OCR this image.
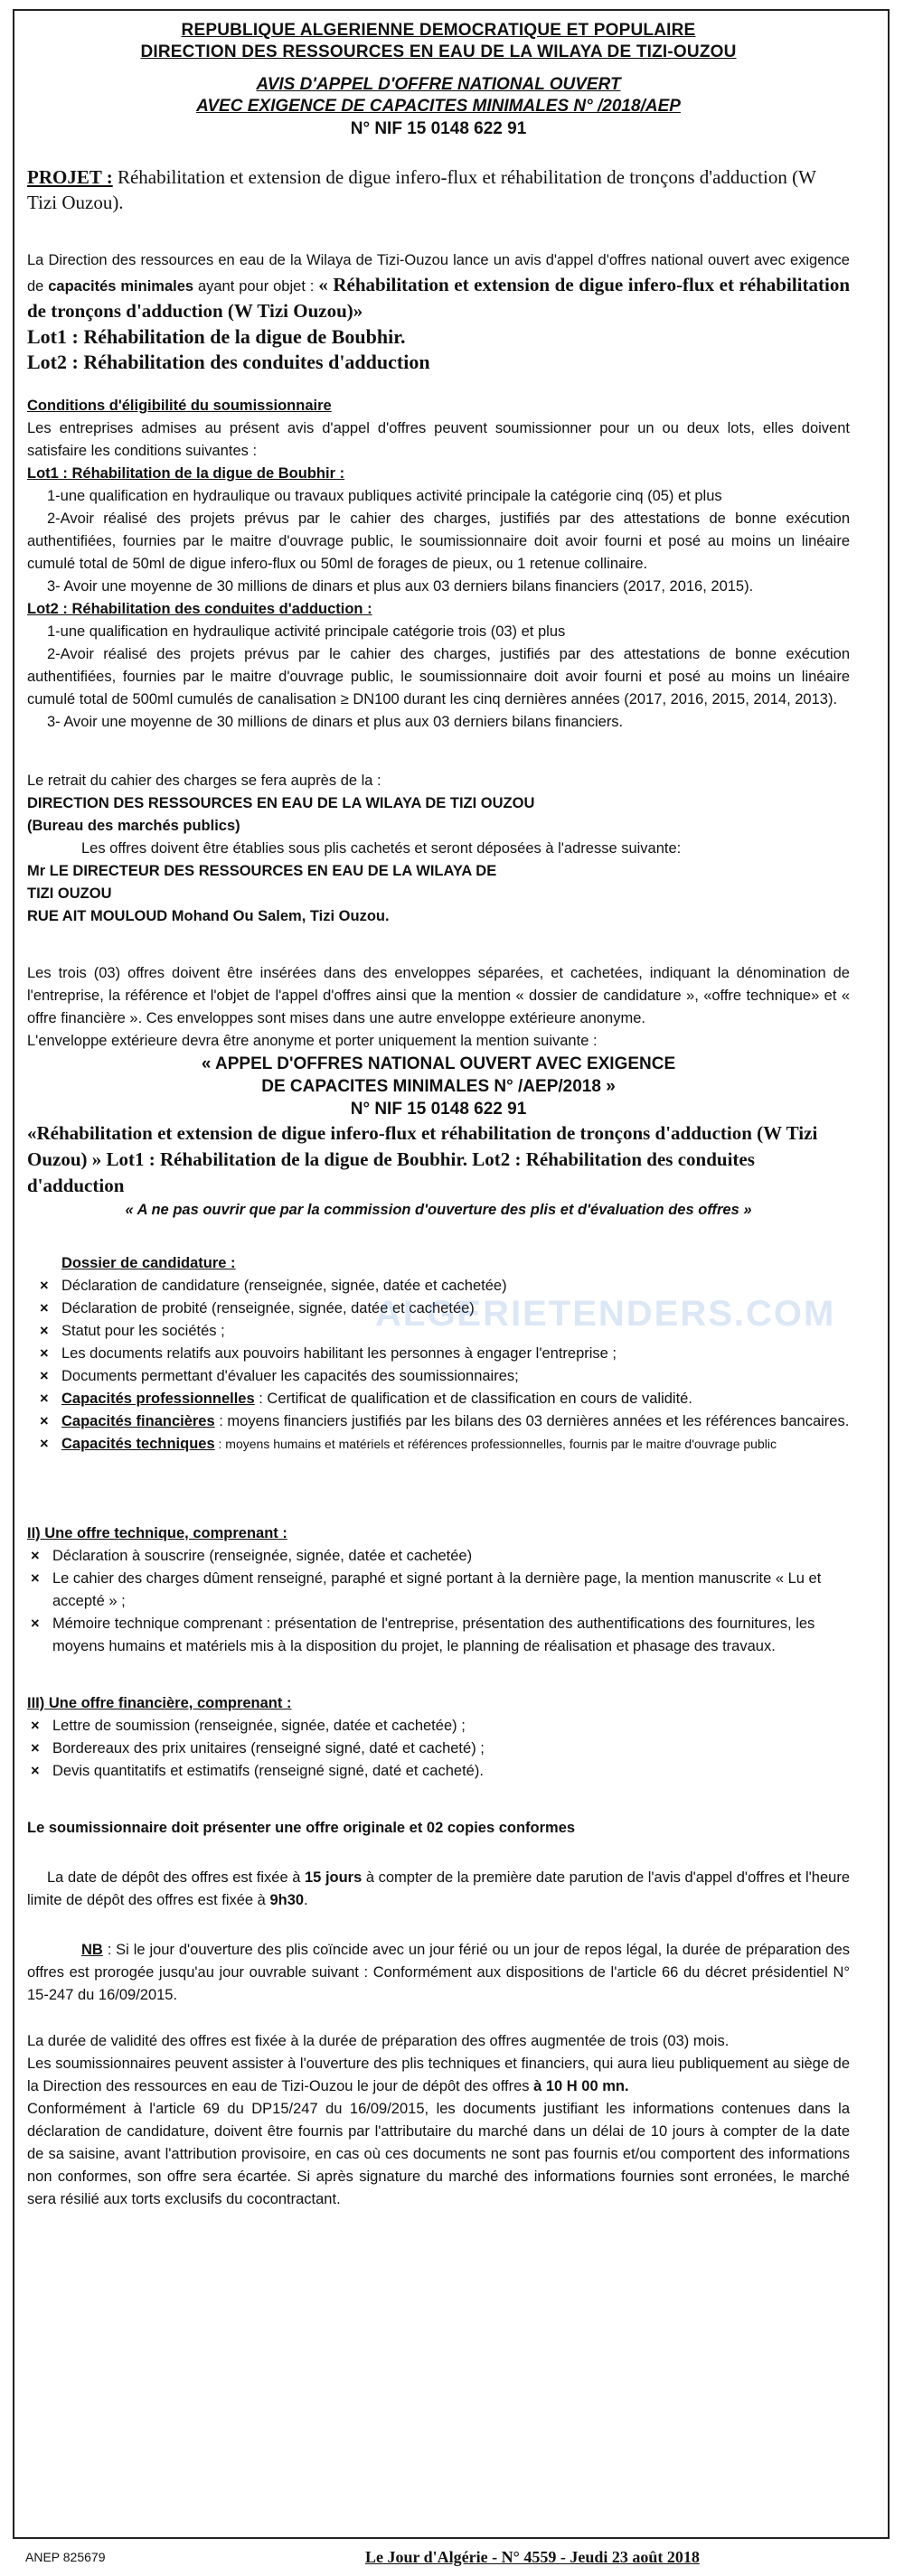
REPUBLIQUE ALGERIENNE DEMOCRATIQUE ET POPULAIRE
DIRECTION DES RESSOURCES EN EAU DE LA WILAYA DE TIZI-OUZOU
AVIS D'APPEL D'OFFRE NATIONAL OUVERT
AVEC EXIGENCE DE CAPACITES MINIMALES N° /2018/AEP
N° NIF 15 0148 622 91

PROJET : Réhabilitation et extension de digue infero-flux et réhabilitation de tronçons d'adduction (W Tizi Ouzou).

La Direction des ressources en eau de la Wilaya de Tizi-Ouzou lance un avis d'appel d'offres national ouvert avec exigence de capacités minimales ayant pour objet : « Réhabilitation et extension de digue infero-flux et réhabilitation de tronçons d'adduction (W Tizi Ouzou)»

Lot1 : Réhabilitation de la digue de Boubhir.

Lot2 : Réhabilitation des conduites d'adduction

Conditions d'éligibilité du soumissionnaire

Les entreprises admises au présent avis d'appel d'offres peuvent soumissionner pour un ou deux lots, elles doivent satisfaire les conditions suivantes :

Lot1 : Réhabilitation de la digue de Boubhir :

1-une qualification en hydraulique ou travaux publiques activité principale la catégorie cinq (05) et plus

2-Avoir réalisé des projets prévus par le cahier des charges, justifiés par des attestations de bonne exécution authentifiées, fournies par le maitre d'ouvrage public, le soumissionnaire doit avoir fourni et posé au moins un linéaire cumulé total de 50ml de digue infero-flux ou 50ml de forages de pieux, ou 1 retenue collinaire.

3- Avoir une moyenne de 30 millions de dinars et plus aux 03 derniers bilans financiers (2017, 2016, 2015).

Lot2 : Réhabilitation des conduites d'adduction :

1-une qualification en hydraulique activité principale catégorie trois (03) et plus

2-Avoir réalisé des projets prévus par le cahier des charges, justifiés par des attestations de bonne exécution authentifiées, fournies par le maitre d'ouvrage public, le soumissionnaire doit avoir fourni et posé au moins un linéaire cumulé total de 500ml cumulés de canalisation ≥ DN100 durant les cinq dernières années (2017, 2016, 2015, 2014, 2013).

3- Avoir une moyenne de 30 millions de dinars et plus aux 03 derniers bilans financiers.

Le retrait du cahier des charges se fera auprès de la :

DIRECTION DES RESSOURCES EN EAU DE LA WILAYA DE TIZI OUZOU

(Bureau des marchés publics)

Les offres doivent être établies sous plis cachetés et seront déposées à l'adresse suivante:

Mr LE DIRECTEUR DES RESSOURCES EN EAU DE LA WILAYA DE

TIZI OUZOU

RUE AIT MOULOUD Mohand Ou Salem, Tizi Ouzou.

Les trois (03) offres doivent être insérées dans des enveloppes séparées, et cachetées, indiquant la dénomination de l'entreprise, la référence et l'objet de l'appel d'offres ainsi que la mention « dossier de candidature », «offre technique» et « offre financière ». Ces enveloppes sont mises dans une autre enveloppe extérieure anonyme.

L'enveloppe extérieure devra être anonyme et porter uniquement la mention suivante :

« APPEL D'OFFRES NATIONAL OUVERT AVEC EXIGENCE

DE CAPACITES MINIMALES N° /AEP/2018 »

N° NIF 15 0148 622 91

«Réhabilitation et extension de digue infero-flux et réhabilitation de tronçons d'adduction (W Tizi Ouzou) » Lot1 : Réhabilitation de la digue de Boubhir. Lot2 : Réhabilitation des conduites d'adduction

« A ne pas ouvrir que par la commission d'ouverture des plis et d'évaluation des offres »

Dossier de candidature :

× Déclaration de candidature (renseignée, signée, datée et cachetée)
× Déclaration de probité (renseignée, signée, datée et cachetée)
× Statut pour les sociétés ;
× Les documents relatifs aux pouvoirs habilitant les personnes à engager l'entreprise ;
× Documents permettant d'évaluer les capacités des soumissionnaires;
× Capacités professionnelles : Certificat de qualification et de classification en cours de validité.
× Capacités financières : moyens financiers justifiés par les bilans des 03 dernières années et les références bancaires.
× Capacités techniques : moyens humains et matériels et références professionnelles, fournis par le maitre d'ouvrage public

II) Une offre technique, comprenant :

× Déclaration à souscrire (renseignée, signée, datée et cachetée)
× Le cahier des charges dûment renseigné, paraphé et signé portant à la dernière page, la mention manuscrite « Lu et accepté » ;
× Mémoire technique comprenant : présentation de l'entreprise, présentation des authentifications des fournitures, les moyens humains et matériels mis à la disposition du projet, le planning de réalisation et phasage des travaux.

III) Une offre financière, comprenant :

× Lettre de soumission (renseignée, signée, datée et cachetée) ;
× Bordereaux des prix unitaires (renseigné signé, daté et cacheté) ;
× Devis quantitatifs et estimatifs (renseigné signé, daté et cacheté).

Le soumissionnaire doit présenter une offre originale et 02 copies conformes

La date de dépôt des offres est fixée à 15 jours à compter de la première date parution de l'avis d'appel d'offres et l'heure limite de dépôt des offres est fixée à 9h30.

NB : Si le jour d'ouverture des plis coïncide avec un jour férié ou un jour de repos légal, la durée de préparation des offres est prorogée jusqu'au jour ouvrable suivant : Conformément aux dispositions de l'article 66 du décret présidentiel N° 15-247 du 16/09/2015.

La durée de validité des offres est fixée à la durée de préparation des offres augmentée de trois (03) mois.

Les soumissionnaires peuvent assister à l'ouverture des plis techniques et financiers, qui aura lieu publiquement au siège de la Direction des ressources en eau de Tizi-Ouzou le jour de dépôt des offres à 10 H 00 mn.

Conformément à l'article 69 du DP15/247 du 16/09/2015, les documents justifiant les informations contenues dans la déclaration de candidature, doivent être fournis par l'attributaire du marché dans un délai de 10 jours à compter de la date de sa saisine, avant l'attribution provisoire, en cas où ces documents ne sont pas fournis et/ou comportent des informations non conformes, son offre sera écartée. Si après signature du marché des informations fournies sont erronées, le marché sera résilié aux torts exclusifs du cocontractant.

ALGERIETENDERS.COM
ANEP 825679	Le Jour d'Algérie - N° 4559 - Jeudi 23 août 2018
